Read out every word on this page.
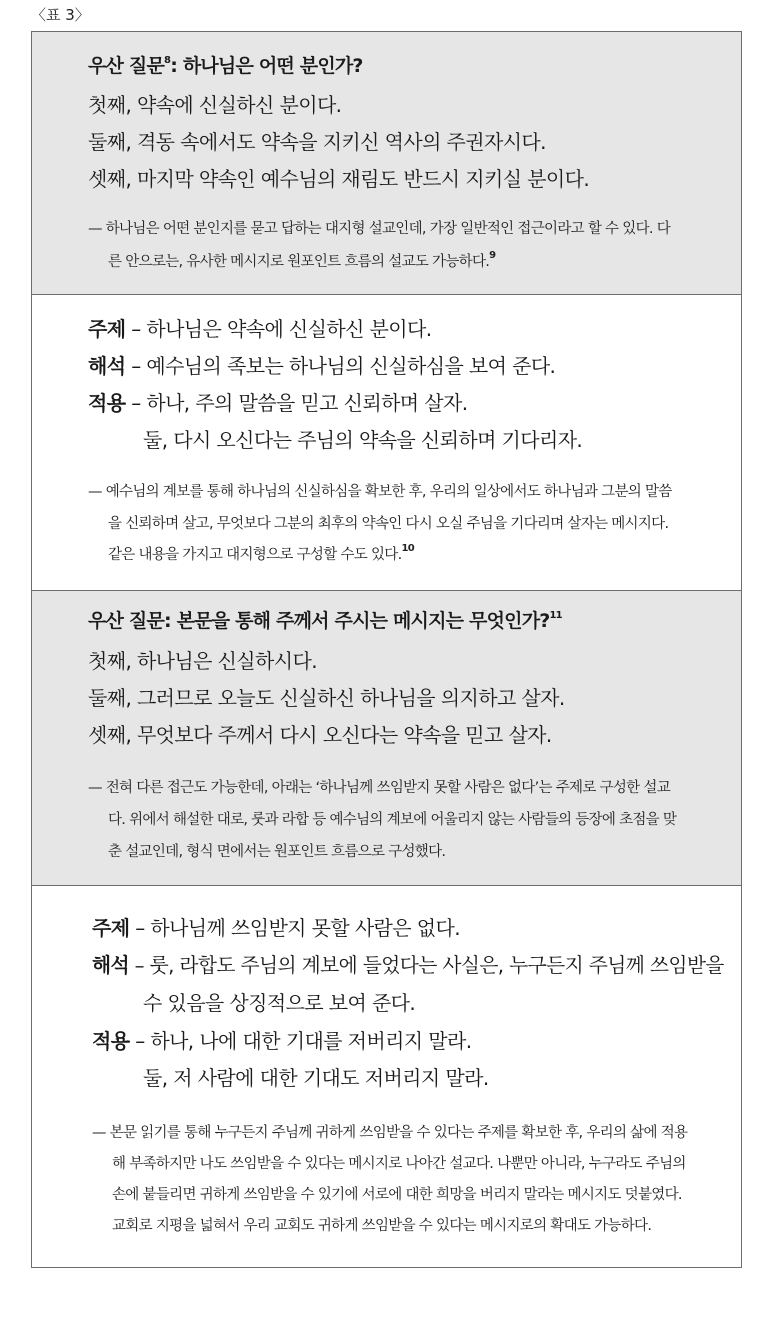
〈표 3〉
우산 질문$^8$: 하나님은 어떤 분인가?
첫째, 약속에 신실하신 분이다.
둘째, 격동 속에서도 약속을 지키신 역사의 주권자시다.
셋째, 마지막 약속인 예수님의 재림도 반드시 지키실 분이다.
— 하나님은 어떤 분인지를 묻고 답하는 대지형 설교인데, 가장 일반적인 접근이라고 할 수 있다. 다
른 안으로는, 유사한 메시지로 원포인트 흐름의 설교도 가능하다.$^9$
주제 – 하나님은 약속에 신실하신 분이다.
해석 – 예수님의 족보는 하나님의 신실하심을 보여 준다.
적용 – 하나, 주의 말씀을 믿고 신뢰하며 살자.
둘, 다시 오신다는 주님의 약속을 신뢰하며 기다리자.
— 예수님의 계보를 통해 하나님의 신실하심을 확보한 후, 우리의 일상에서도 하나님과 그분의 말씀
을 신뢰하며 살고, 무엇보다 그분의 최후의 약속인 다시 오실 주님을 기다리며 살자는 메시지다.
같은 내용을 가지고 대지형으로 구성할 수도 있다.$^{10}$
우산 질문: 본문을 통해 주께서 주시는 메시지는 무엇인가?$^{11}$
첫째, 하나님은 신실하시다.
둘째, 그러므로 오늘도 신실하신 하나님을 의지하고 살자.
셋째, 무엇보다 주께서 다시 오신다는 약속을 믿고 살자.
— 전혀 다른 접근도 가능한데, 아래는 ‘하나님께 쓰임받지 못할 사람은 없다’는 주제로 구성한 설교
다. 위에서 해설한 대로, 룻과 라합 등 예수님의 계보에 어울리지 않는 사람들의 등장에 초점을 맞
춘 설교인데, 형식 면에서는 원포인트 흐름으로 구성했다.
주제 – 하나님께 쓰임받지 못할 사람은 없다.
해석 – 룻, 라합도 주님의 계보에 들었다는 사실은, 누구든지 주님께 쓰임받을
수 있음을 상징적으로 보여 준다.
적용 – 하나, 나에 대한 기대를 저버리지 말라.
둘, 저 사람에 대한 기대도 저버리지 말라.
— 본문 읽기를 통해 누구든지 주님께 귀하게 쓰임받을 수 있다는 주제를 확보한 후, 우리의 삶에 적용
해 부족하지만 나도 쓰임받을 수 있다는 메시지로 나아간 설교다. 나뿐만 아니라, 누구라도 주님의
손에 붙들리면 귀하게 쓰임받을 수 있기에 서로에 대한 희망을 버리지 말라는 메시지도 덧붙였다.
교회로 지평을 넓혀서 우리 교회도 귀하게 쓰임받을 수 있다는 메시지로의 확대도 가능하다.
